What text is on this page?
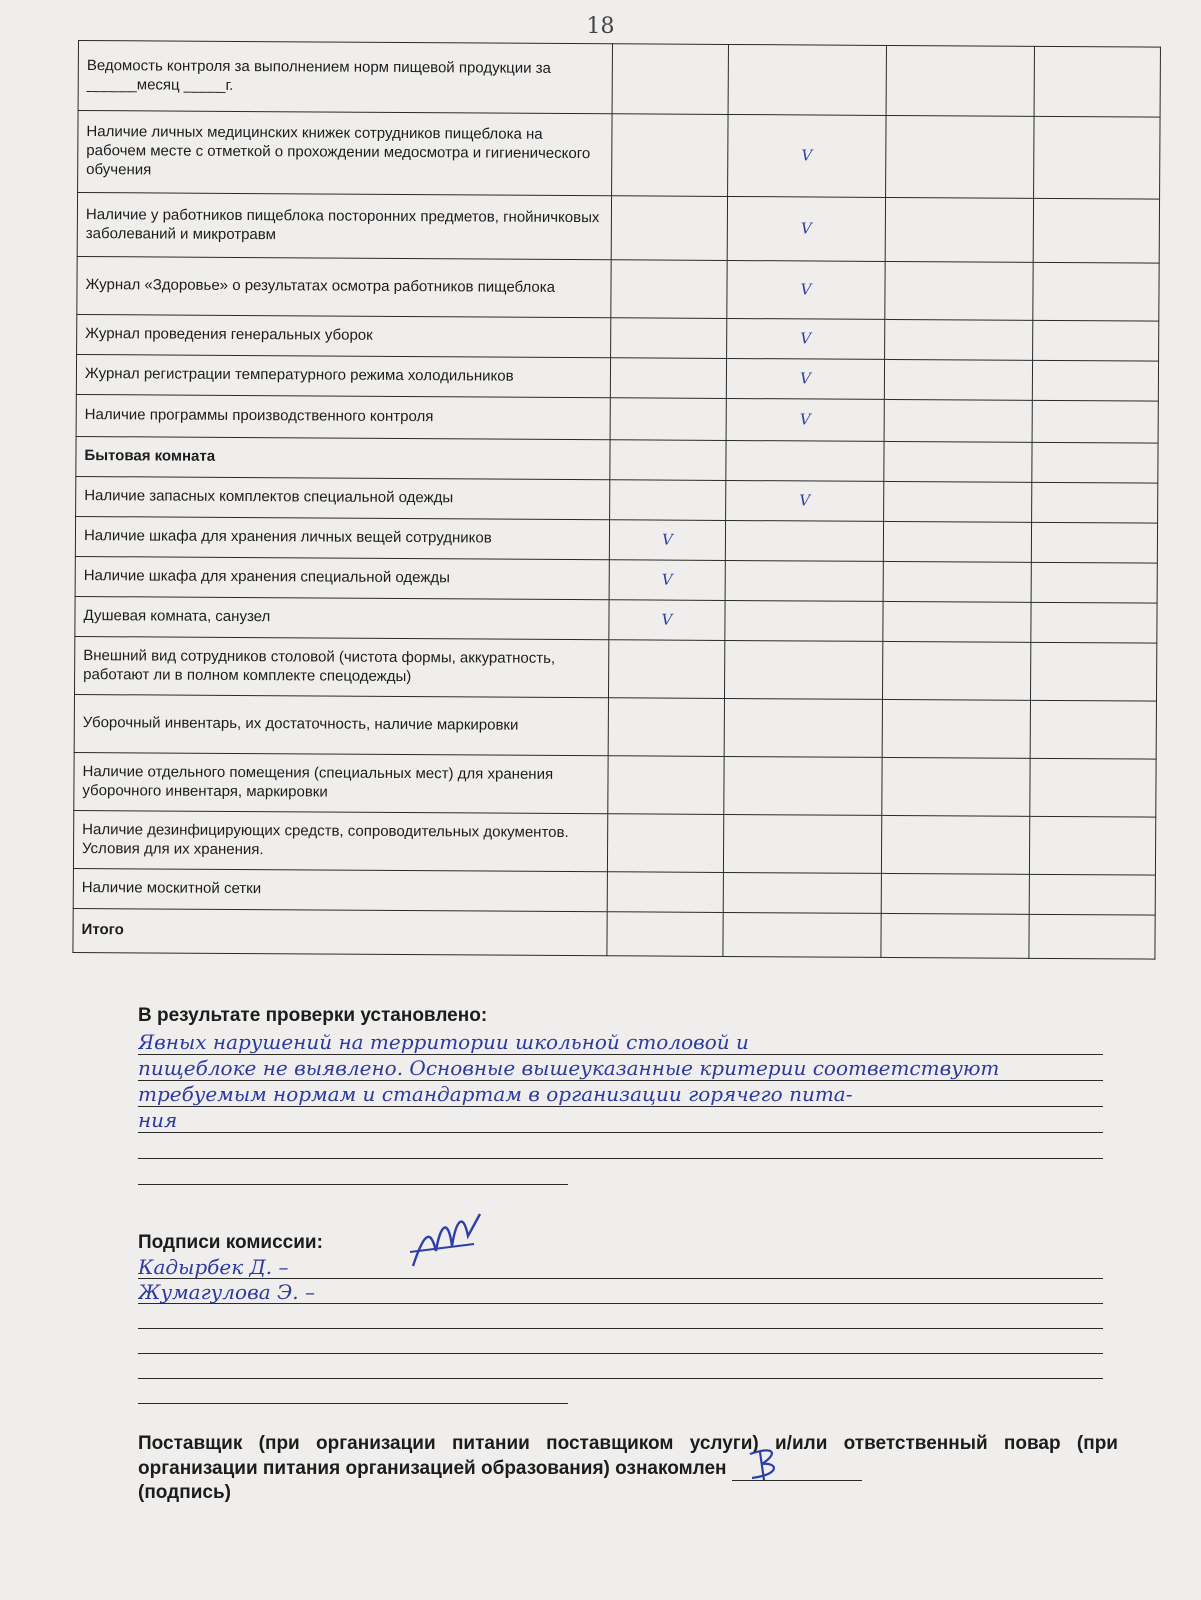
18
Ведомость контроля за выполнением норм пищевой продукции за ______месяц _____г.				
Наличие личных медицинских книжек сотрудников пищеблока на рабочем месте с отметкой о прохождении медосмотра и гигиенического обучения		V		
Наличие у работников пищеблока посторонних предметов, гнойничковых заболеваний и микротравм		V		
Журнал «Здоровье» о результатах осмотра работников пищеблока		V		
Журнал проведения генеральных уборок		V		
Журнал регистрации температурного режима холодильников		V		
Наличие программы производственного контроля		V		
Бытовая комната				
Наличие запасных комплектов специальной одежды		V		
Наличие шкафа для хранения личных вещей сотрудников	V			
Наличие шкафа для хранения специальной одежды	V			
Душевая комната, санузел	V			
Внешний вид сотрудников столовой (чистота формы, аккуратность, работают ли в полном комплекте спецодежды)				
Уборочный инвентарь, их достаточность, наличие маркировки				
Наличие отдельного помещения (специальных мест) для хранения уборочного инвентаря, маркировки				
Наличие дезинфицирующих средств, сопроводительных документов. Условия для их хранения.				
Наличие москитной сетки				
Итого				
В результате проверки установлено:
Явных нарушений на территории школьной столовой и
пищеблоке не выявлено. Основные вышеуказанные критерии соответствуют
требуемым нормам и стандартам в организации горячего пита-
ния
Подписи комиссии:
Кадырбек Д. –
Жумагулова Э. –
Поставщик (при организации питании поставщиком услуги) и/или ответственный повар (при организации питания организацией образования) ознакомлен

(подпись)
